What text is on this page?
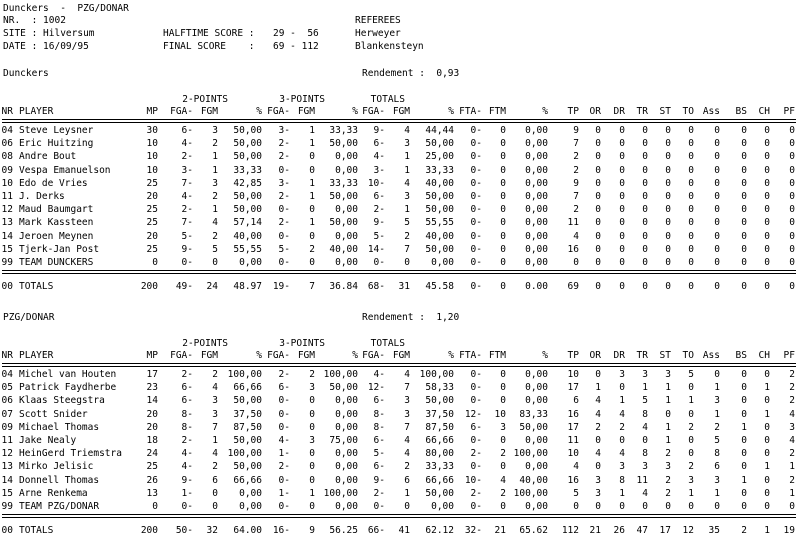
Dunckers  -  PZG/DONAR
NR.  : 1002
SITE : Hilversum
DATE : 16/09/95
HALFTIME SCORE : 29 -  56
FINAL SCORE    : 69 - 112
REFEREES
Herweyer
Blankensteyn
Dunckers	Rendement :  0,93
2-POINTS	3-POINTS	TOTALS
NR PLAYER	MP	FGA- FGM	% FGA- FGM	% FGA- FGM	% FTA- FTM	%	TP	OR	DR	TR	ST	TO Ass	BS	CH	PF
04 Steve Leysner	30	6-	3	50,00	3-	1	33,33	9-	4	44,44	0-	0	0,00	9	0	0	0	0	0	0	0	0	0
06 Eric Huitzing	10	4-	2	50,00	2-	1	50,00	6-	3	50,00	0-	0	0,00	7	0	0	0	0	0	0	0	0	0
08 Andre Bout	10	2-	1	50,00	2-	0	0,00	4-	1	25,00	0-	0	0,00	2	0	0	0	0	0	0	0	0	0
09 Vespa Emanuelson	10	3-	1	33,33	0-	0	0,00	3-	1	33,33	0-	0	0,00	2	0	0	0	0	0	0	0	0	0
10 Edo de Vries	25	7-	3	42,85	3-	1	33,33	10-	4	40,00	0-	0	0,00	9	0	0	0	0	0	0	0	0	0
11 J. Derks	20	4-	2	50,00	2-	1	50,00	6-	3	50,00	0-	0	0,00	7	0	0	0	0	0	0	0	0	0
12 Maud Baumgart	25	2-	1	50,00	0-	0	0,00	2-	1	50,00	0-	0	0,00	2	0	0	0	0	0	0	0	0	0
13 Mark Kassteen	25	7-	4	57,14	2-	1	50,00	9-	5	55,55	0-	0	0,00	11	0	0	0	0	0	0	0	0	0
14 Jeroen Meynen	20	5-	2	40,00	0-	0	0,00	5-	2	40,00	0-	0	0,00	4	0	0	0	0	0	0	0	0	0
15 Tjerk-Jan Post	25	9-	5	55,55	5-	2	40,00	14-	7	50,00	0-	0	0,00	16	0	0	0	0	0	0	0	0	0
99 TEAM DUNCKERS	0	0-	0	0,00	0-	0	0,00	0-	0	0,00	0-	0	0,00	0	0	0	0	0	0	0	0	0	0
00 TOTALS	200	49-	24	48.97	19-	7	36.84	68-	31	45.58	0-	0	0.00	69	0	0	0	0	0	0	0	0	0
PZG/DONAR	Rendement :  1,20
2-POINTS	3-POINTS	TOTALS
NR PLAYER	MP	FGA- FGM	% FGA- FGM	% FGA- FGM	% FTA- FTM	%	TP	OR	DR	TR	ST	TO Ass	BS	CH	PF
04 Michel van Houten	17	2-	2	100,00	2-	2 100,00	4-	4	100,00	0-	0	0,00	10	0	3	3	3	5	0	0	0	2
05 Patrick Faydherbe	23	6-	4	66,66	6-	3	50,00	12-	7	58,33	0-	0	0,00	17	1	0	1	1	0	1	0	1	2
06 Klaas Steegstra	14	6-	3	50,00	0-	0	0,00	6-	3	50,00	0-	0	0,00	6	4	1	5	1	1	3	0	0	2
07 Scott Snider	20	8-	3	37,50	0-	0	0,00	8-	3	37,50	12-	10	83,33	16	4	4	8	0	0	1	0	1	4
09 Michael Thomas	20	8-	7	87,50	0-	0	0,00	8-	7	87,50	6-	3	50,00	17	2	2	4	1	2	2	1	0	3
11 Jake Nealy	18	2-	1	50,00	4-	3	75,00	6-	4	66,66	0-	0	0,00	11	0	0	0	1	0	5	0	0	4
12 HeinGerd Triemstra	24	4-	4	100,00	1-	0	0,00	5-	4	80,00	2-	2 100,00	10	4	4	8	2	0	8	0	0	2
13 Mirko Jelisic	25	4-	2	50,00	2-	0	0,00	6-	2	33,33	0-	0	0,00	4	0	3	3	3	2	6	0	1	1
14 Donnell Thomas	26	9-	6	66,66	0-	0	0,00	9-	6	66,66	10-	4	40,00	16	3	8	11	2	3	3	1	0	2
15 Arne Renkema	13	1-	0	0,00	1-	1 100,00	2-	1	50,00	2-	2 100,00	5	3	1	4	2	1	1	0	0	1
99 TEAM PZG/DONAR	0	0-	0	0,00	0-	0	0,00	0-	0	0,00	0-	0	0,00	0	0	0	0	0	0	0	0	0	0
00 TOTALS	200	50-	32	64.00	16-	9	56.25	66-	41	62.12	32-	21	65.62	112	21	26	47	17	12	35	2	1	19
